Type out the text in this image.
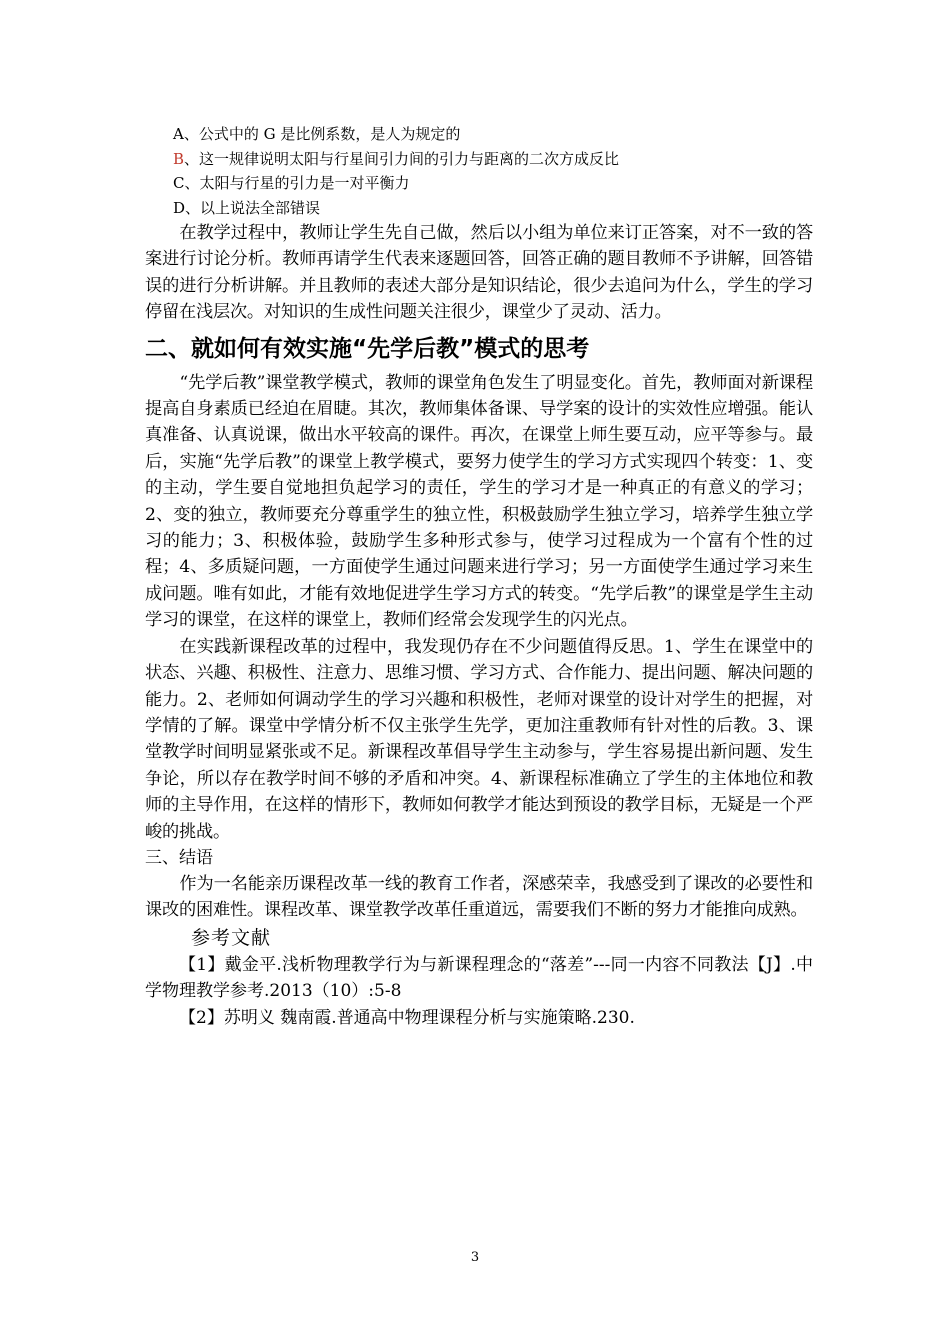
A、公式中的 G 是比例系数，是人为规定的
B、这一规律说明太阳与行星间引力间的引力与距离的二次方成反比
C、太阳与行星的引力是一对平衡力
D、以上说法全部错误

在教学过程中，教师让学生先自己做，然后以小组为单位来订正答案，对不一致的答案进行讨论分析。教师再请学生代表来逐题回答，回答正确的题目教师不予讲解，回答错误的进行分析讲解。并且教师的表述大部分是知识结论，很少去追问为什么，学生的学习停留在浅层次。对知识的生成性问题关注很少，课堂少了灵动、活力。

二、就如何有效实施“先学后教”模式的思考

“先学后教”课堂教学模式，教师的课堂角色发生了明显变化。首先，教师面对新课程提高自身素质已经迫在眉睫。其次，教师集体备课、导学案的设计的实效性应增强。能认真准备、认真说课，做出水平较高的课件。再次，在课堂上师生要互动，应平等参与。最后，实施“先学后教”的课堂上教学模式，要努力使学生的学习方式实现四个转变：1、变的主动，学生要自觉地担负起学习的责任，学生的学习才是一种真正的有意义的学习；2、变的独立，教师要充分尊重学生的独立性，积极鼓励学生独立学习，培养学生独立学习的能力；3、积极体验，鼓励学生多种形式参与，使学习过程成为一个富有个性的过程；4、多质疑问题，一方面使学生通过问题来进行学习；另一方面使学生通过学习来生成问题。唯有如此，才能有效地促进学生学习方式的转变。“先学后教”的课堂是学生主动学习的课堂，在这样的课堂上，教师们经常会发现学生的闪光点。

在实践新课程改革的过程中，我发现仍存在不少问题值得反思。1、学生在课堂中的状态、兴趣、积极性、注意力、思维习惯、学习方式、合作能力、提出问题、解决问题的能力。2、老师如何调动学生的学习兴趣和积极性，老师对课堂的设计对学生的把握，对学情的了解。课堂中学情分析不仅主张学生先学，更加注重教师有针对性的后教。3、课堂教学时间明显紧张或不足。新课程改革倡导学生主动参与，学生容易提出新问题、发生争论，所以存在教学时间不够的矛盾和冲突。4、新课程标准确立了学生的主体地位和教师的主导作用，在这样的情形下，教师如何教学才能达到预设的教学目标，无疑是一个严峻的挑战。

三、结语

作为一名能亲历课程改革一线的教育工作者，深感荣幸，我感受到了课改的必要性和课改的困难性。课程改革、课堂教学改革任重道远，需要我们不断的努力才能推向成熟。

参考文献

【1】戴金平.浅析物理教学行为与新课程理念的“落差”---同一内容不同教法【J】.中学物理教学参考.2013（10）:5-8

【2】苏明义 魏南霞.普通高中物理课程分析与实施策略.230.

3
